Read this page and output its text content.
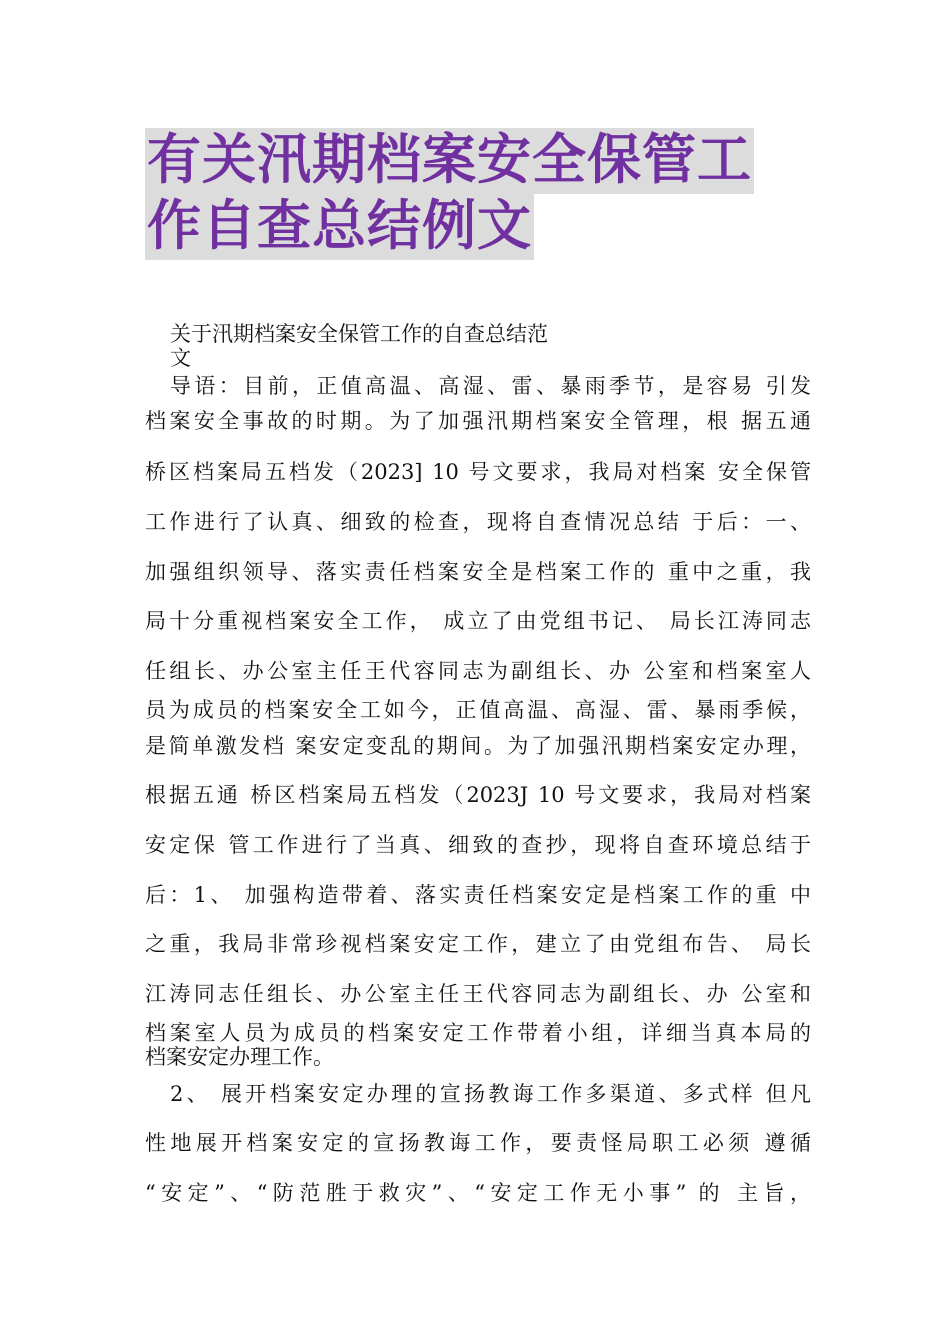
有关汛期档案安全保管工
作自查总结例文
关于汛期档案安全保管工作的自查总结范
文
导语：目前，正值高温、高湿、雷、暴雨季节，是容易 引发
档案安全事故的时期。为了加强汛期档案安全管理，根 据五通
桥区档案局五档发（2023] 10 号文要求，我局对档案 安全保管
工作进行了认真、细致的检查，现将自查情况总结 于后：一、
加强组织领导、落实责任档案安全是档案工作的 重中之重，我
局十分重视档案安全工作， 成立了由党组书记、 局长江涛同志
任组长、办公室主任王代容同志为副组长、办 公室和档案室人
员为成员的档案安全工如今，正值高温、高湿、雷、暴雨季候，
是简单激发档 案安定变乱的期间。为了加强汛期档案安定办理，
根据五通 桥区档案局五档发（2023J 10 号文要求，我局对档案
安定保 管工作进行了当真、细致的查抄，现将自查环境总结于
后：1、 加强构造带着、落实责任档案安定是档案工作的重 中
之重，我局非常珍视档案安定工作，建立了由党组布告、 局长
江涛同志任组长、办公室主任王代容同志为副组长、办 公室和
档案室人员为成员的档案安定工作带着小组，详细当真本局的
档案安定办理工作。
2、 展开档案安定办理的宣扬教诲工作多渠道、多式样 但凡
性地展开档案安定的宣扬教诲工作，要责怪局职工必须 遵循
“安定”、“防范胜于救灾”、“安定工作无小事” 的 主旨，
